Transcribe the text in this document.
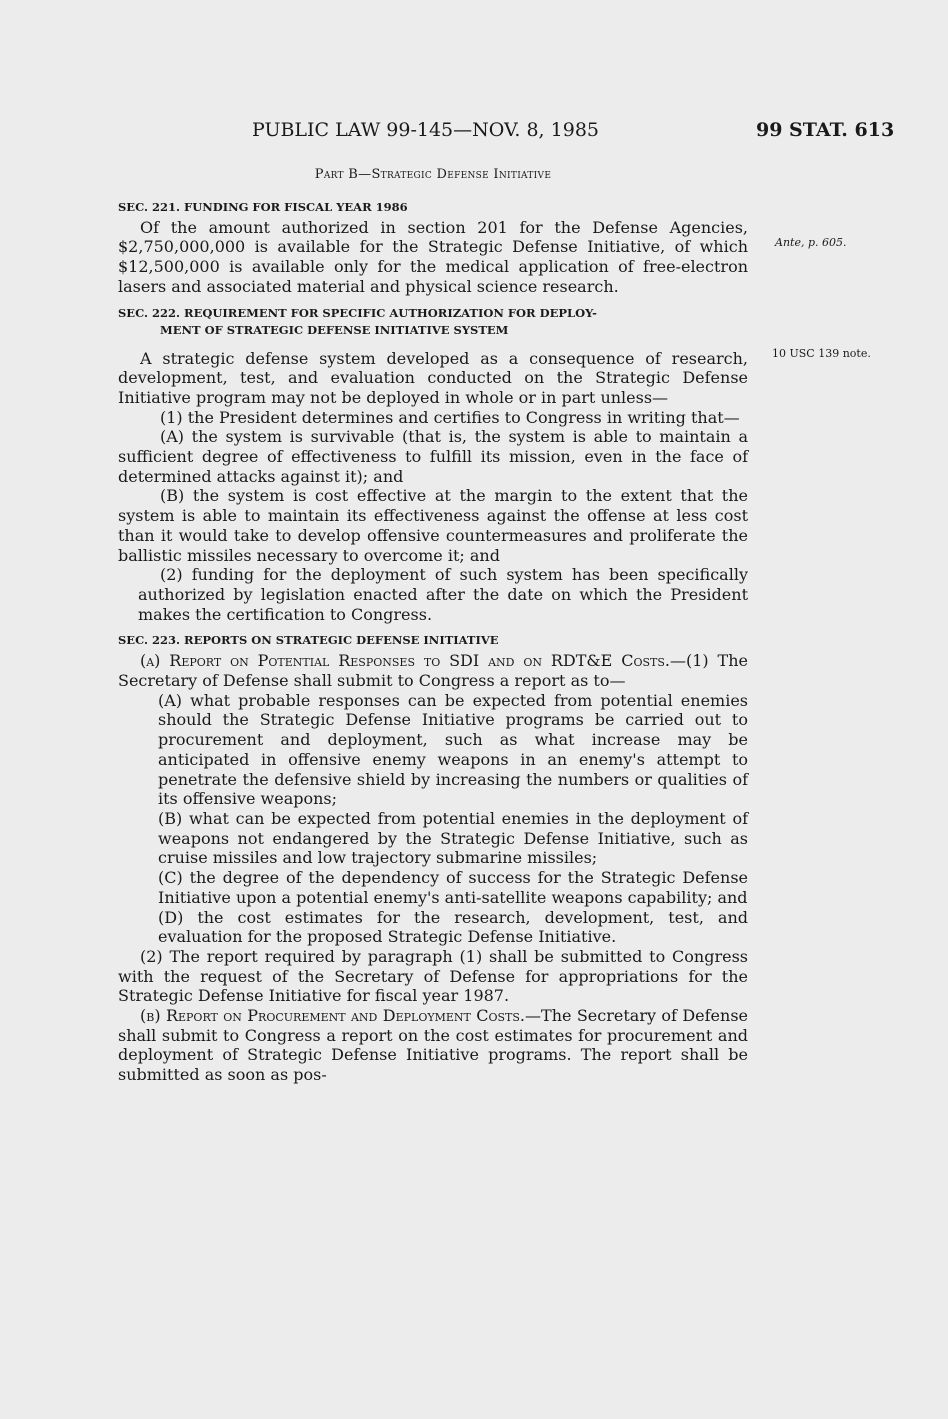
PUBLIC LAW 99-145—NOV. 8, 1985	99 STAT. 613
Ante, p. 605.
10 USC 139 note.
Part B—Strategic Defense Initiative
SEC. 221. FUNDING FOR FISCAL YEAR 1986

Of the amount authorized in section 201 for the Defense Agencies, $2,750,000,000 is available for the Strategic Defense Initiative, of which $12,500,000 is available only for the medical application of free-electron lasers and associated material and physical science research.

SEC. 222. REQUIREMENT FOR SPECIFIC AUTHORIZATION FOR DEPLOY-
MENT OF STRATEGIC DEFENSE INITIATIVE SYSTEM

A strategic defense system developed as a consequence of research, development, test, and evaluation conducted on the Strategic Defense Initiative program may not be deployed in whole or in part unless—

(1) the President determines and certifies to Congress in writing that—

(A) the system is survivable (that is, the system is able to maintain a sufficient degree of effectiveness to fulfill its mission, even in the face of determined attacks against it); and

(B) the system is cost effective at the margin to the extent that the system is able to maintain its effectiveness against the offense at less cost than it would take to develop offensive countermeasures and proliferate the ballistic missiles necessary to overcome it; and

(2) funding for the deployment of such system has been specifically authorized by legislation enacted after the date on which the President makes the certification to Congress.

SEC. 223. REPORTS ON STRATEGIC DEFENSE INITIATIVE

(a) Report on Potential Responses to SDI and on RDT&E Costs.—(1) The Secretary of Defense shall submit to Congress a report as to—

(A) what probable responses can be expected from potential enemies should the Strategic Defense Initiative programs be carried out to procurement and deployment, such as what increase may be anticipated in offensive enemy weapons in an enemy's attempt to penetrate the defensive shield by increasing the numbers or qualities of its offensive weapons;

(B) what can be expected from potential enemies in the deployment of weapons not endangered by the Strategic Defense Initiative, such as cruise missiles and low trajectory submarine missiles;

(C) the degree of the dependency of success for the Strategic Defense Initiative upon a potential enemy's anti-satellite weapons capability; and

(D) the cost estimates for the research, development, test, and evaluation for the proposed Strategic Defense Initiative.

(2) The report required by paragraph (1) shall be submitted to Congress with the request of the Secretary of Defense for appropriations for the Strategic Defense Initiative for fiscal year 1987.

(b) Report on Procurement and Deployment Costs.—The Secretary of Defense shall submit to Congress a report on the cost estimates for procurement and deployment of Strategic Defense Initiative programs. The report shall be submitted as soon as pos-
